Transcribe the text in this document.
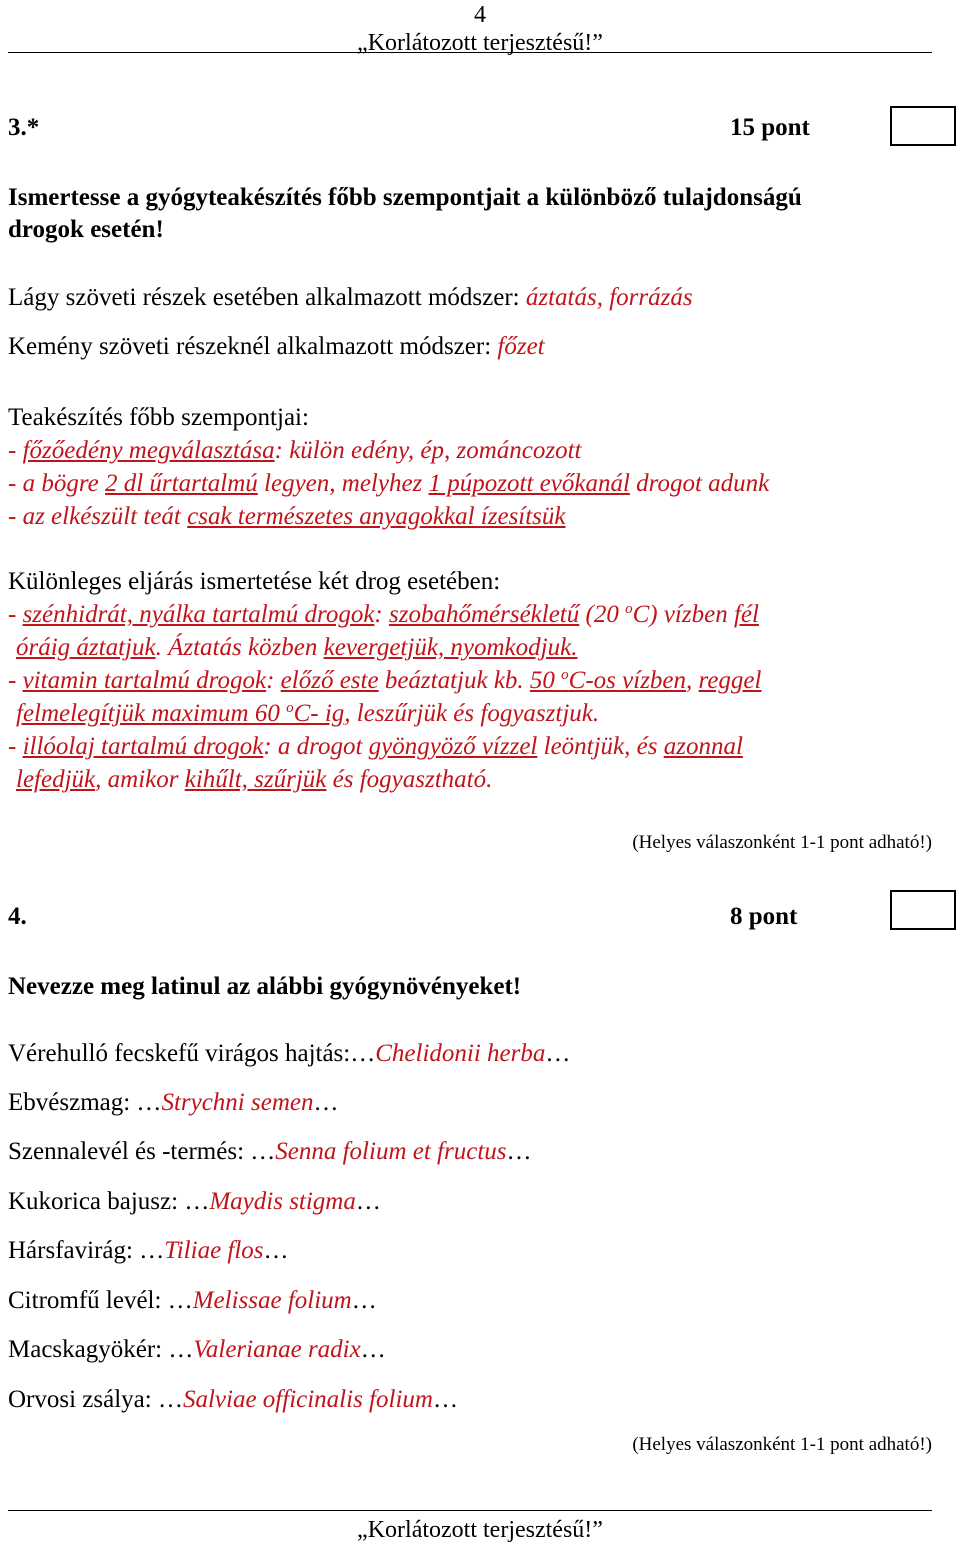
4
„Korlátozott terjesztésű!”
3.*	15 pont
Ismertesse a gyógyteakészítés főbb szempontjait a különböző tulajdonságú
drogok esetén!
Lágy szöveti részek esetében alkalmazott módszer: áztatás, forrázás
Kemény szöveti részeknél alkalmazott módszer: főzet
Teakészítés főbb szempontjai:
- főzőedény megválasztása: külön edény, ép, zománcozott
- a bögre 2 dl űrtartalmú legyen, melyhez 1 púpozott evőkanál drogot adunk
- az elkészült teát csak természetes anyagokkal ízesítsük
Különleges eljárás ismertetése két drog esetében:
- szénhidrát, nyálka tartalmú drogok: szobahőmérsékletű (20 $^o$C) vízben fél
óráig áztatjuk. Áztatás közben kevergetjük, nyomkodjuk.
- vitamin tartalmú drogok: előző este beáztatjuk kb. 50 $^o$C-os vízben, reggel
felmelegítjük maximum 60 $^o$C- ig, leszűrjük és fogyasztjuk.
- illóolaj tartalmú drogok: a drogot gyöngyöző vízzel leöntjük, és azonnal
lefedjük, amikor kihűlt, szűrjük és fogyasztható.
(Helyes válaszonként 1-1 pont adható!)
4.	8 pont
Nevezze meg latinul az alábbi gyógynövényeket!
Vérehulló fecskefű virágos hajtás:…Chelidonii herba…
Ebvészmag: …Strychni semen…
Szennalevél és -termés: …Senna folium et fructus…
Kukorica bajusz: …Maydis stigma…
Hársfavirág: …Tiliae flos…
Citromfű levél: …Melissae folium…
Macskagyökér: …Valerianae radix…
Orvosi zsálya: …Salviae officinalis folium…
(Helyes válaszonként 1-1 pont adható!)
„Korlátozott terjesztésű!”
